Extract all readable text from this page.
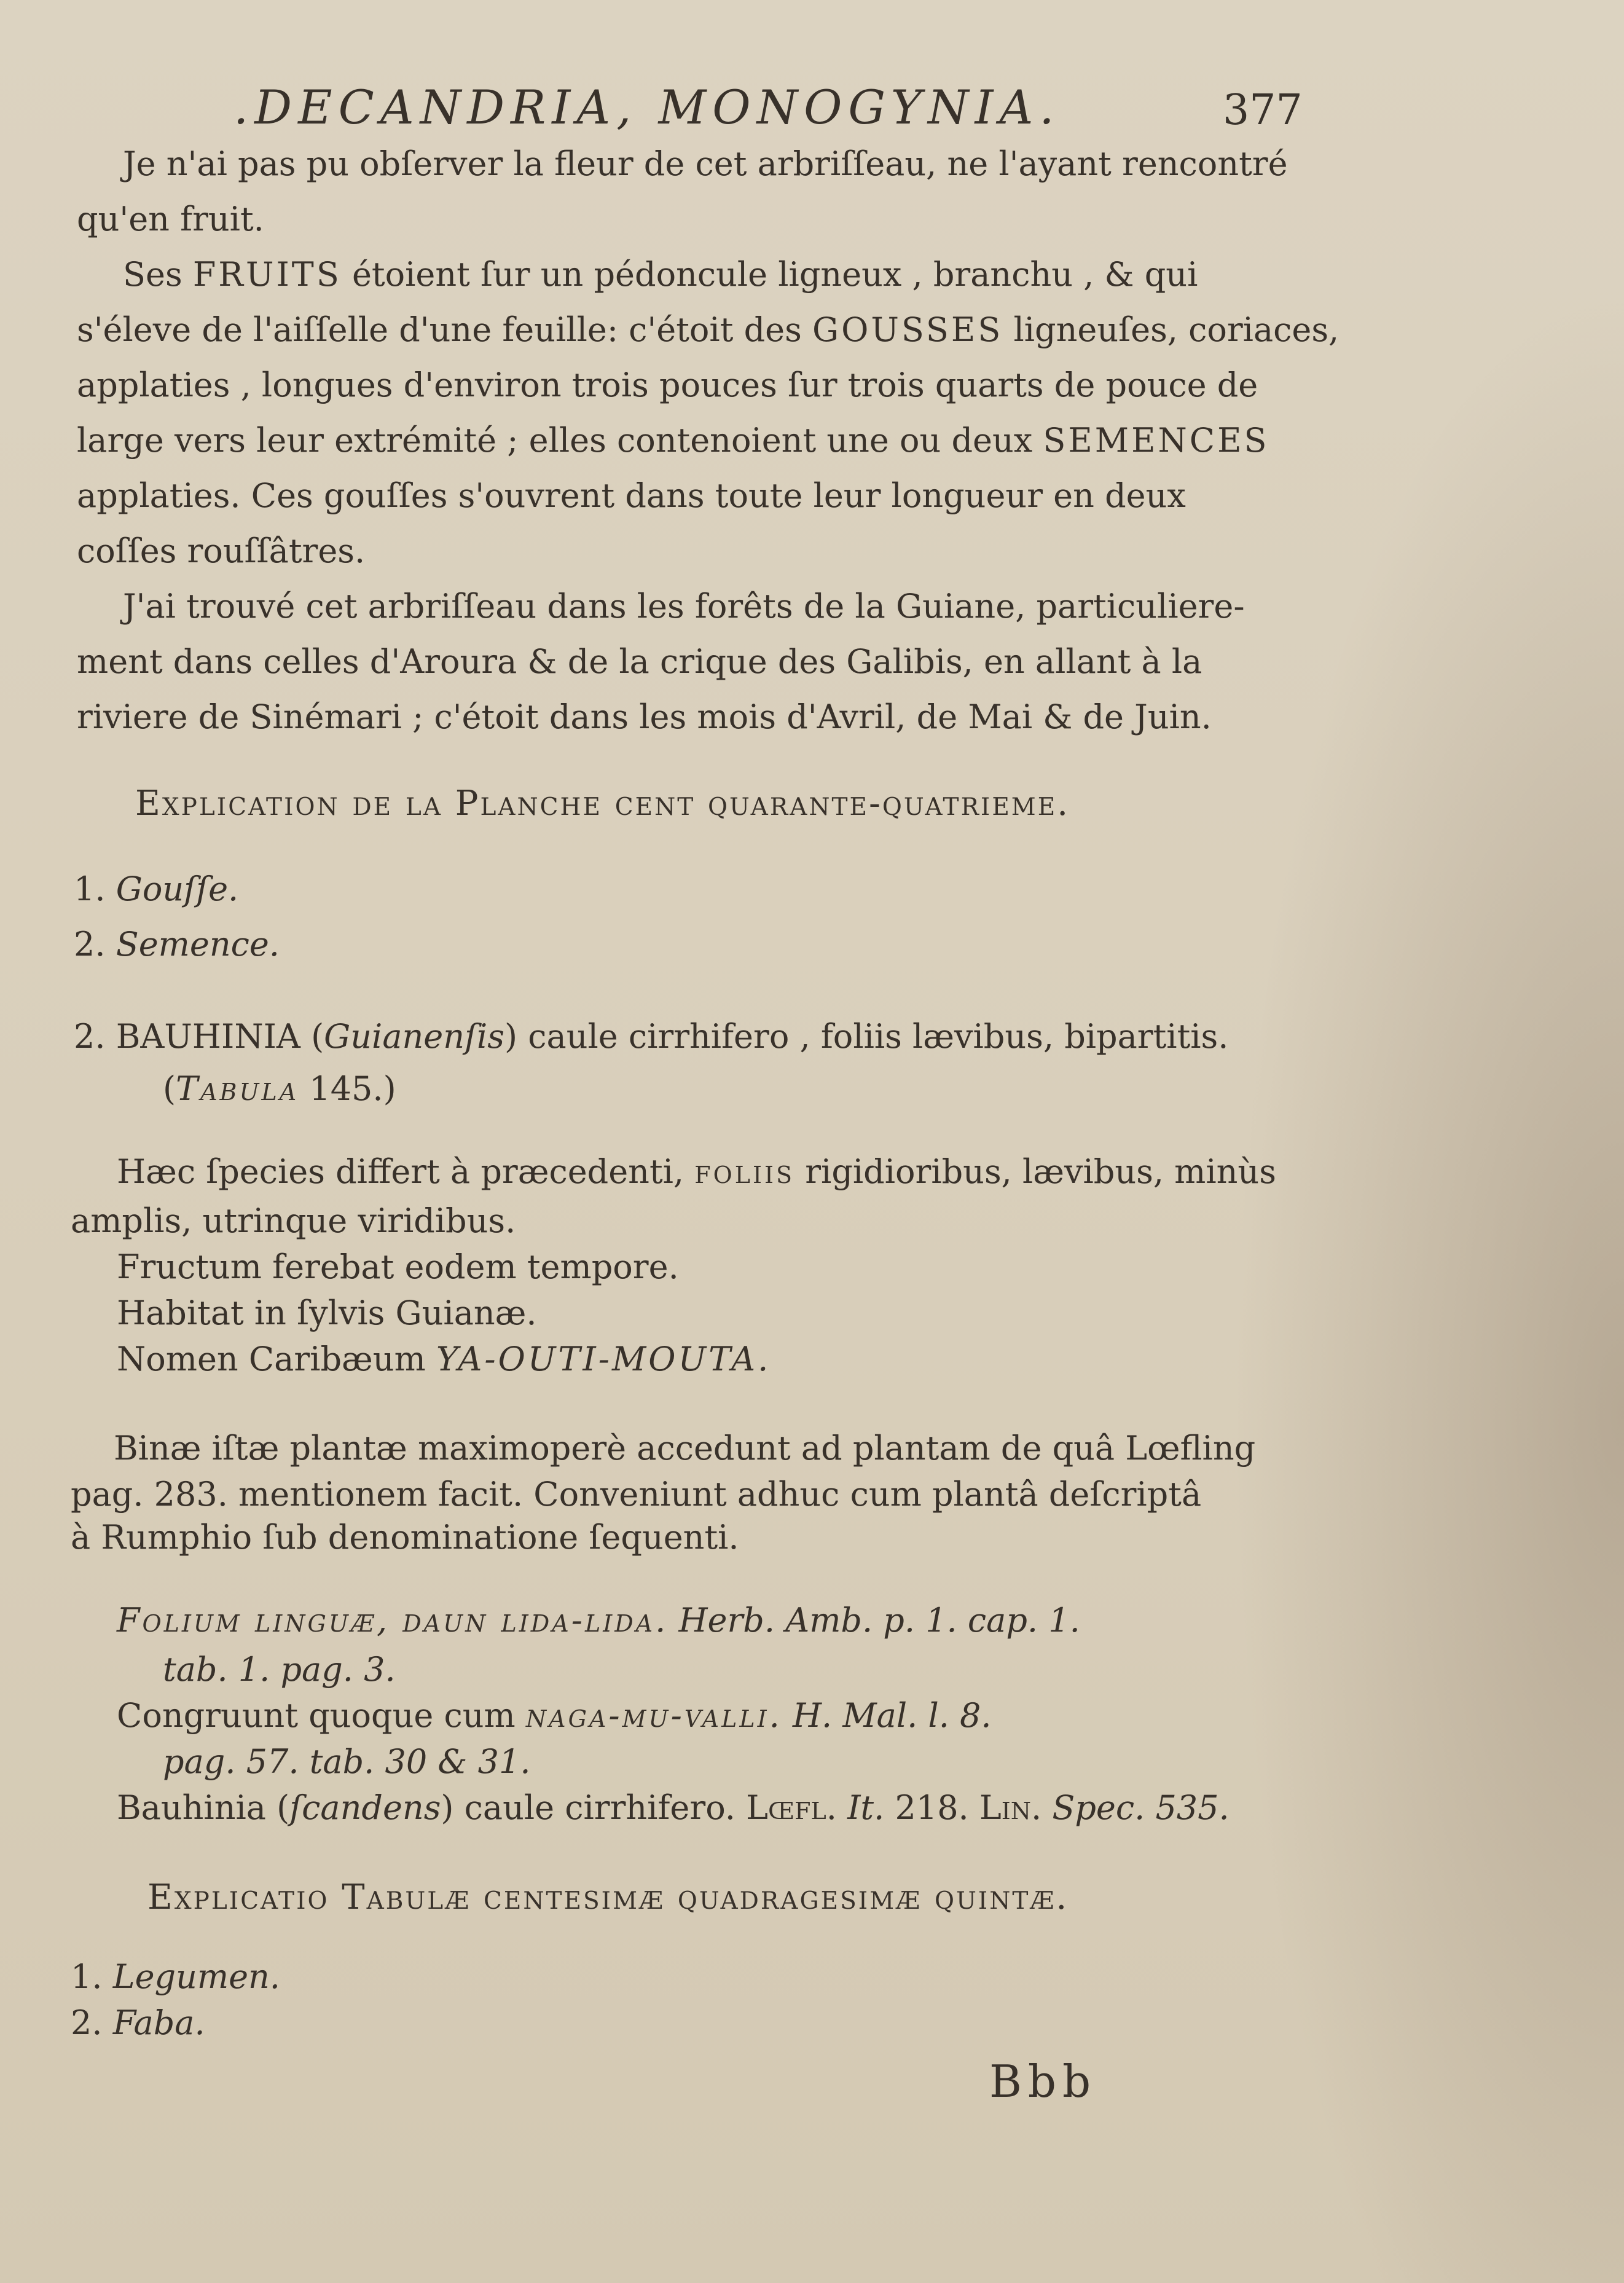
.DECANDRIA, MONOGYNIA.	377
Je n'ai pas pu obſerver la fleur de cet arbriſſeau, ne l'ayant rencontré
qu'en fruit.
Ses FRUITS étoient ſur un pédoncule ligneux , branchu , & qui
s'éleve de l'aiſſelle d'une feuille: c'étoit des GOUSSES ligneuſes, coriaces,
applaties , longues d'environ trois pouces ſur trois quarts de pouce de
large vers leur extrémité ; elles contenoient une ou deux SEMENCES
applaties. Ces gouſſes s'ouvrent dans toute leur longueur en deux
coſſes rouſſâtres.
J'ai trouvé cet arbriſſeau dans les forêts de la Guiane, particuliere-
ment dans celles d'Aroura & de la crique des Galibis, en allant à la
riviere de Sinémari ; c'étoit dans les mois d'Avril, de Mai & de Juin.
Explication de la Planche cent quarante-quatrieme.
1. Gouſſe.
2. Semence.
2. BAUHINIA (Guianenſis) caule cirrhifero , foliis lævibus, bipartitis.
(Tabula 145.)
Hæc ſpecies differt à præcedenti, foliis rigidioribus, lævibus, minùs
amplis, utrinque viridibus.
Fructum ferebat eodem tempore.
Habitat in ſylvis Guianæ.
Nomen Caribæum YA-OUTI-MOUTA.
Binæ iſtæ plantæ maximoperè accedunt ad plantam de quâ Lœfling
pag. 283. mentionem facit. Conveniunt adhuc cum plantâ deſcriptâ
à Rumphio ſub denominatione ſequenti.
Folium linguæ, daun lida-lida. Herb. Amb. p. 1. cap. 1.
tab. 1. pag. 3.
Congruunt quoque cum naga-mu-valli. H. Mal. l. 8.
pag. 57. tab. 30 & 31.
Bauhinia (ſcandens) caule cirrhifero. Lœfl. It. 218. Lin. Spec. 535.
Explicatio Tabulæ centesimæ quadragesimæ quintæ.
1. Legumen.
2. Faba.
Bbb
